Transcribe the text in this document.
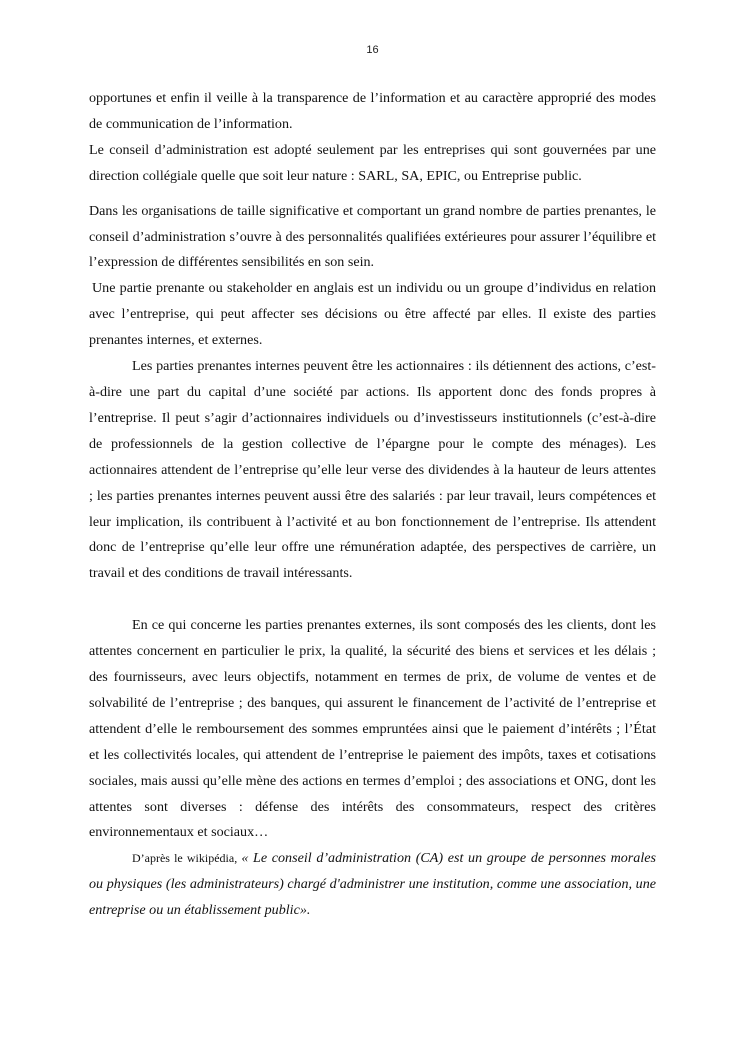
16

opportunes et enfin il veille à la transparence de l’information et au caractère approprié des modes de communication de l’information.

Le conseil d’administration est adopté seulement par les entreprises qui sont gouvernées par une direction collégiale quelle que soit leur nature : SARL, SA, EPIC, ou Entreprise public.

Dans les organisations de taille significative et comportant un grand nombre de parties prenantes, le conseil d’administration s’ouvre à des personnalités qualifiées extérieures pour assurer l’équilibre et l’expression de différentes sensibilités en son sein.

Une partie prenante ou stakeholder en anglais est un individu ou un groupe d’individus en relation avec l’entreprise, qui peut affecter ses décisions ou être affecté par elles. Il existe des parties prenantes internes, et externes.

Les parties prenantes internes peuvent être les actionnaires : ils détiennent des actions, c’est-à-dire une part du capital d’une société par actions. Ils apportent donc des fonds propres à l’entreprise. Il peut s’agir d’actionnaires individuels ou d’investisseurs institutionnels (c’est-à-dire de professionnels de la gestion collective de l’épargne pour le compte des ménages). Les actionnaires attendent de l’entreprise qu’elle leur verse des dividendes à la hauteur de leurs attentes ; les parties prenantes internes peuvent aussi être des salariés : par leur travail, leurs compétences et leur implication, ils contribuent à l’activité et au bon fonctionnement de l’entreprise. Ils attendent donc de l’entreprise qu’elle leur offre une rémunération adaptée, des perspectives de carrière, un travail et des conditions de travail intéressants.

En ce qui concerne les parties prenantes externes, ils sont composés des les clients, dont les attentes concernent en particulier le prix, la qualité, la sécurité des biens et services et les délais ; des fournisseurs, avec leurs objectifs, notamment en termes de prix, de volume de ventes et de solvabilité de l’entreprise ; des banques, qui assurent le financement de l’activité de l’entreprise et attendent d’elle le remboursement des sommes empruntées ainsi que le paiement d’intérêts ; l’État et les collectivités locales, qui attendent de l’entreprise le paiement des impôts, taxes et cotisations sociales, mais aussi qu’elle mène des actions en termes d’emploi ; des associations et ONG, dont les attentes sont diverses : défense des intérêts des consommateurs, respect des critères environnementaux et sociaux…

D’après le wikipédia, « Le conseil d’administration (CA) est un groupe de personnes morales ou physiques (les administrateurs) chargé d'administrer une institution, comme une association, une entreprise ou un établissement public».
